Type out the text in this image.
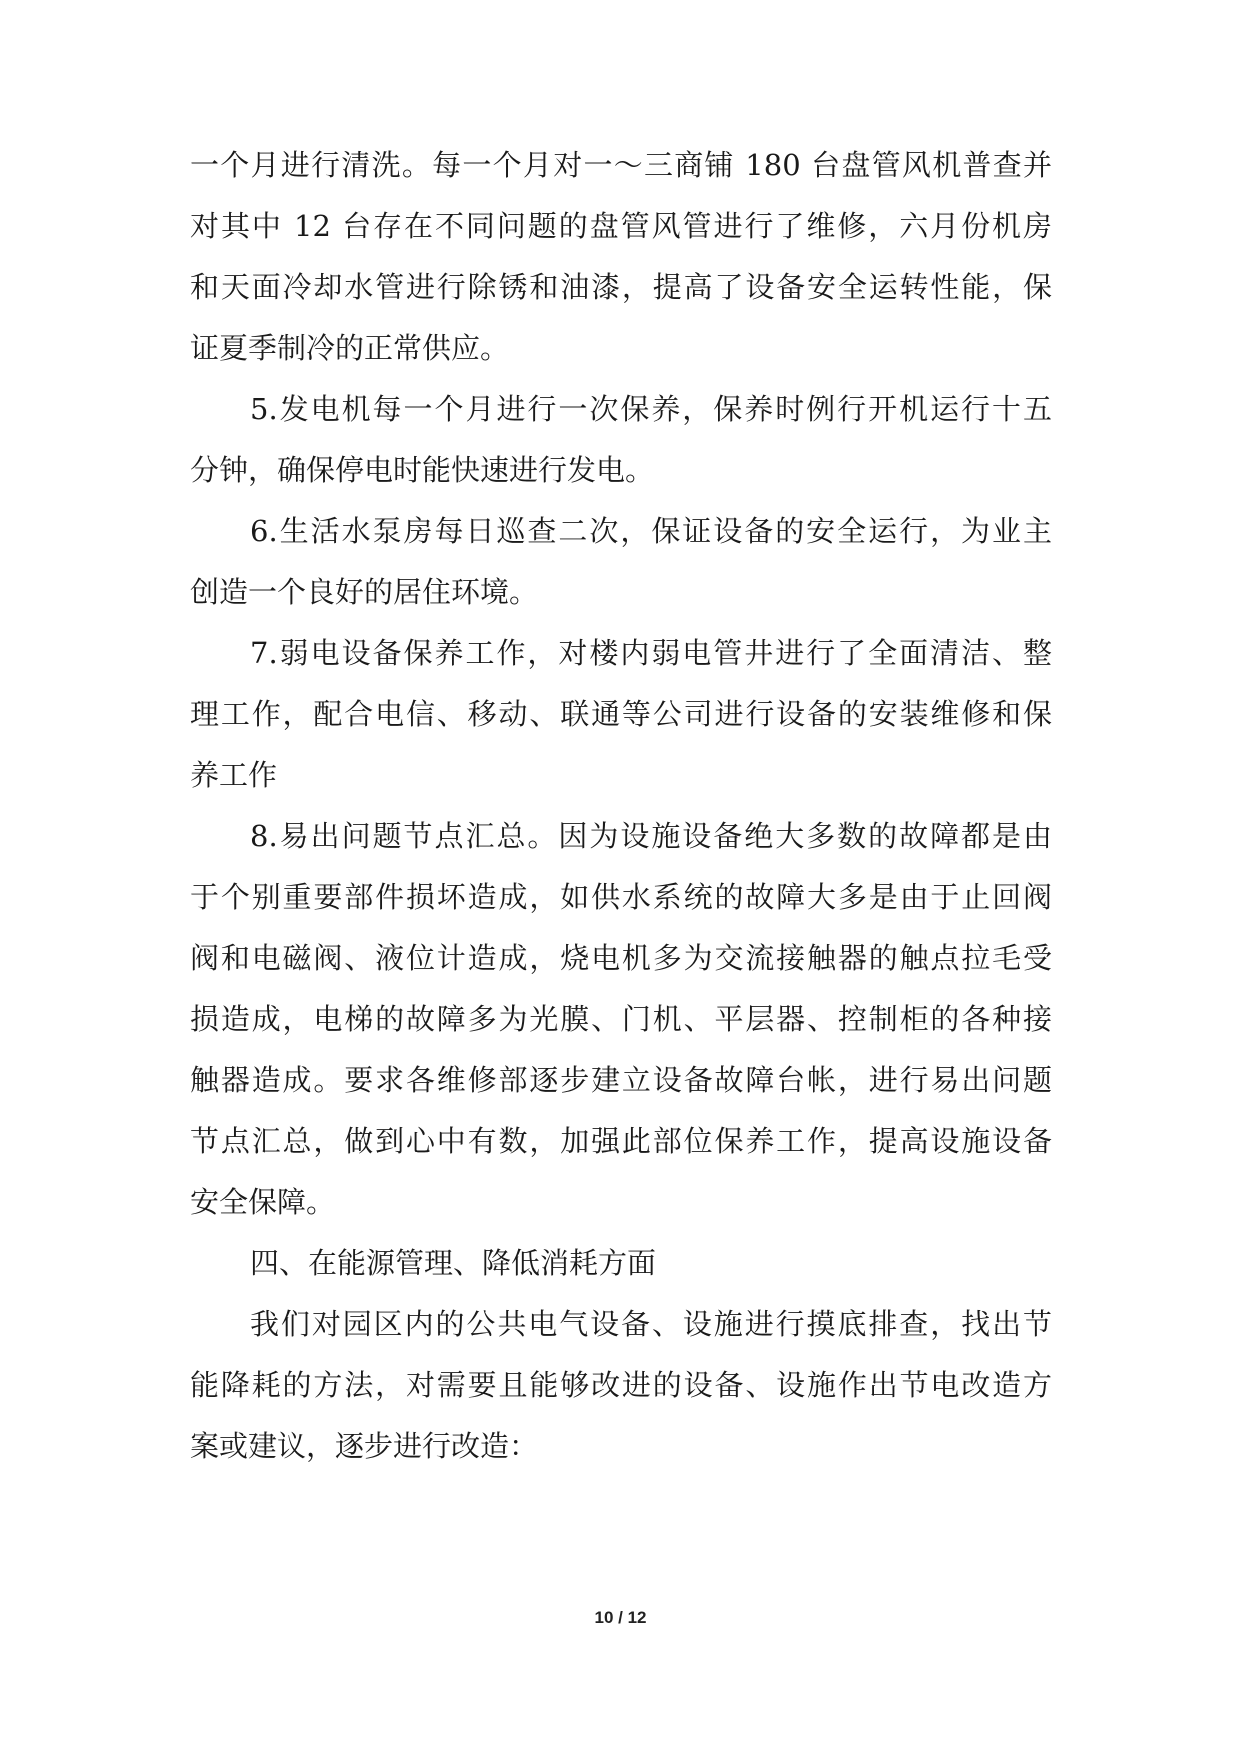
一个月进行清洗。每一个月对一～三商铺 180 台盘管风机普查并
对其中 12 台存在不同问题的盘管风管进行了维修，六月份机房
和天面冷却水管进行除锈和油漆，提高了设备安全运转性能，保
证夏季制冷的正常供应。
5.发电机每一个月进行一次保养，保养时例行开机运行十五
分钟，确保停电时能快速进行发电。
6.生活水泵房每日巡查二次，保证设备的安全运行，为业主
创造一个良好的居住环境。
7.弱电设备保养工作，对楼内弱电管井进行了全面清洁、整
理工作，配合电信、移动、联通等公司进行设备的安装维修和保
养工作
8.易出问题节点汇总。因为设施设备绝大多数的故障都是由
于个别重要部件损坏造成，如供水系统的故障大多是由于止回阀
阀和电磁阀、液位计造成，烧电机多为交流接触器的触点拉毛受
损造成，电梯的故障多为光膜、门机、平层器、控制柜的各种接
触器造成。要求各维修部逐步建立设备故障台帐，进行易出问题
节点汇总，做到心中有数，加强此部位保养工作，提高设施设备
安全保障。
四、在能源管理、降低消耗方面
我们对园区内的公共电气设备、设施进行摸底排查，找出节
能降耗的方法，对需要且能够改进的设备、设施作出节电改造方
案或建议，逐步进行改造：
10 / 12
